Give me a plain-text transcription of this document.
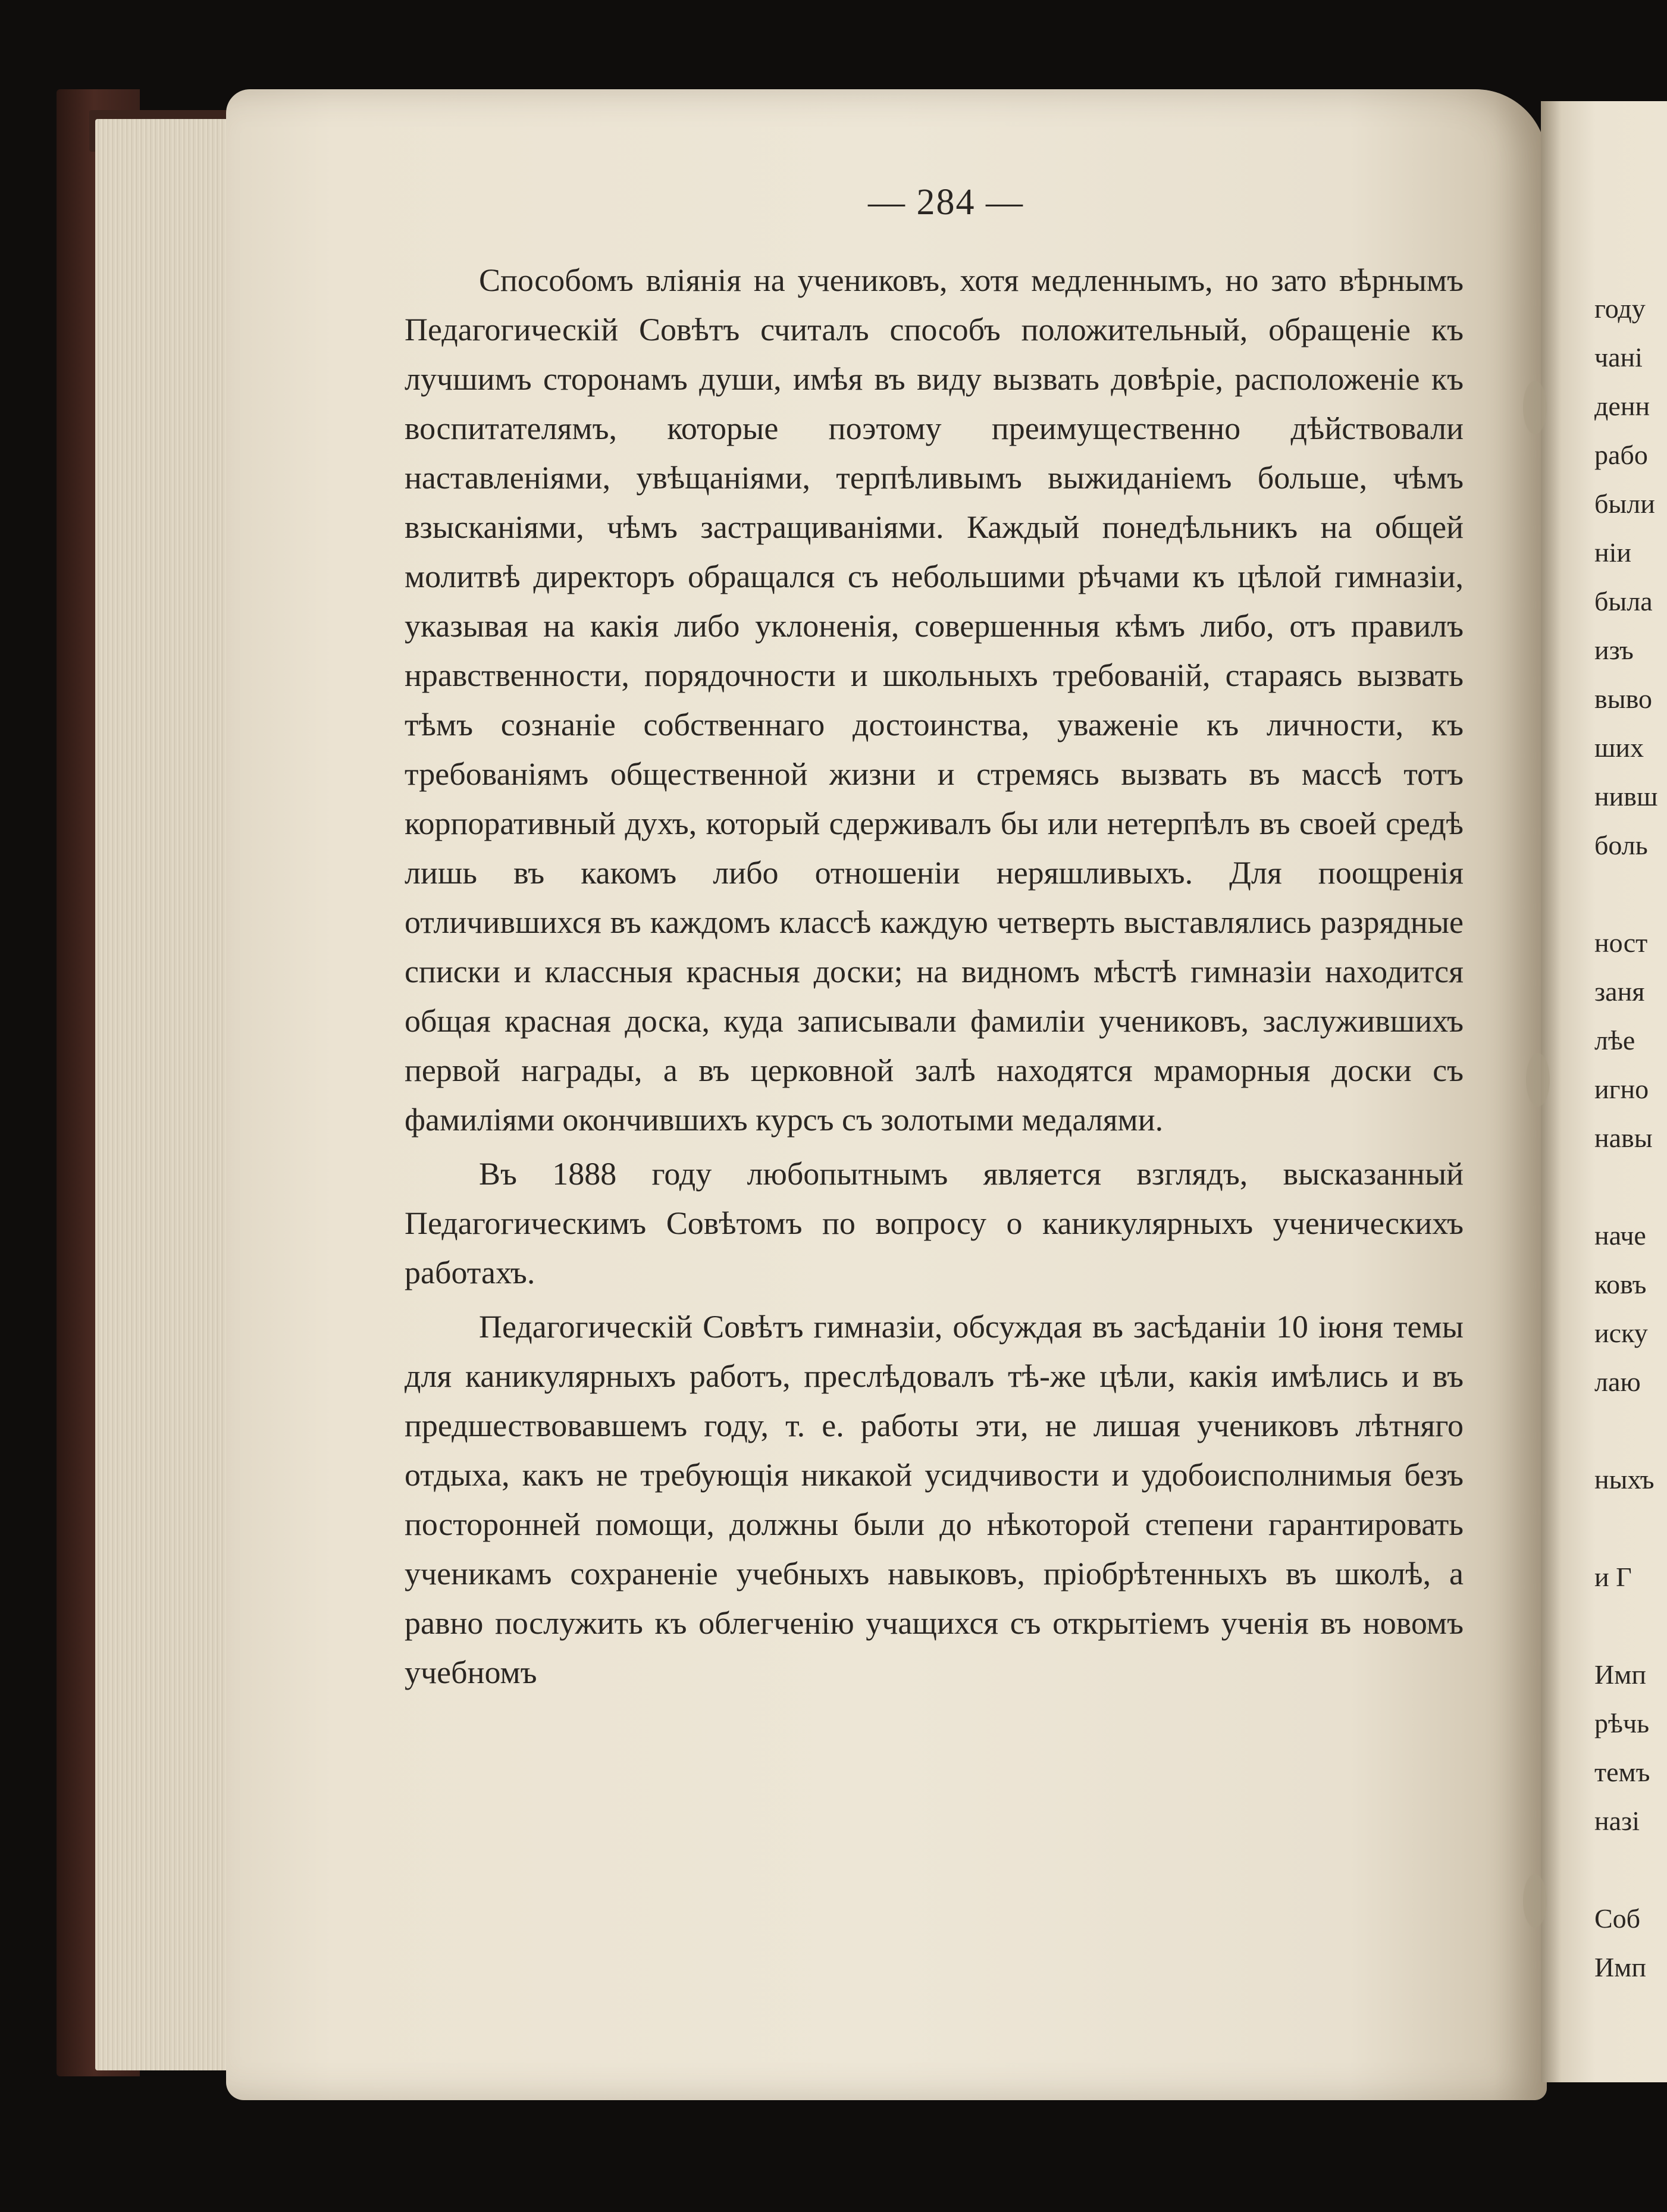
— 284 —

Способомъ вліянія на учениковъ, хотя медленнымъ, но зато вѣрнымъ Педагогическій Совѣтъ считалъ способъ положительный, обращеніе къ лучшимъ сторонамъ души, имѣя въ виду вызвать довѣріе, расположеніе къ воспитателямъ, которые поэтому преимущественно дѣйствовали наставленіями, увѣщаніями, терпѣливымъ выжиданіемъ больше, чѣмъ взысканіями, чѣмъ застращиваніями. Каждый понедѣльникъ на общей молитвѣ директоръ обращался съ небольшими рѣчами къ цѣлой гимназіи, указывая на какія либо уклоненія, совершенныя кѣмъ либо, отъ правилъ нравственности, порядочности и школьныхъ требованій, стараясь вызвать тѣмъ сознаніе собственнаго достоинства, уваженіе къ личности, къ требованіямъ общественной жизни и стремясь вызвать въ массѣ тотъ корпоративный духъ, который сдерживалъ бы или нетерпѣлъ въ своей средѣ лишь въ какомъ либо отношеніи неряшливыхъ. Для поощренія отличившихся въ каждомъ классѣ каждую четверть выставлялись разрядные списки и классныя красныя доски; на видномъ мѣстѣ гимназіи находится общая красная доска, куда записывали фамиліи учениковъ, заслужившихъ первой награды, а въ церковной залѣ находятся мраморныя доски съ фамиліями окончившихъ курсъ съ золотыми медалями.

Въ 1888 году любопытнымъ является взглядъ, высказанный Педагогическимъ Совѣтомъ по вопросу о каникулярныхъ ученическихъ работахъ.

Педагогическій Совѣтъ гимназіи, обсуждая въ засѣданіи 10 іюня темы для каникулярныхъ работъ, преслѣдовалъ тѣ-же цѣли, какія имѣлись и въ предшествовавшемъ году, т. е. работы эти, не лишая учениковъ лѣтняго отдыха, какъ не требующія никакой усидчивости и удобоисполнимыя безъ посторонней помощи, должны были до нѣкоторой степени гарантировать ученикамъ сохраненіе учебныхъ навыковъ, пріобрѣтенныхъ въ школѣ, а равно послужить къ облегченію учащихся съ открытіемъ ученія въ новомъ учебномъ

году
чані
денн
рабо
были
ніи
была
изъ
выво
ших
нивш
боль
ност
заня
лѣе
игно
навы
наче
ковъ
иску
лаю
ныхъ
и Г
Имп
рѣчь
темъ
назі
Соб
Имп
